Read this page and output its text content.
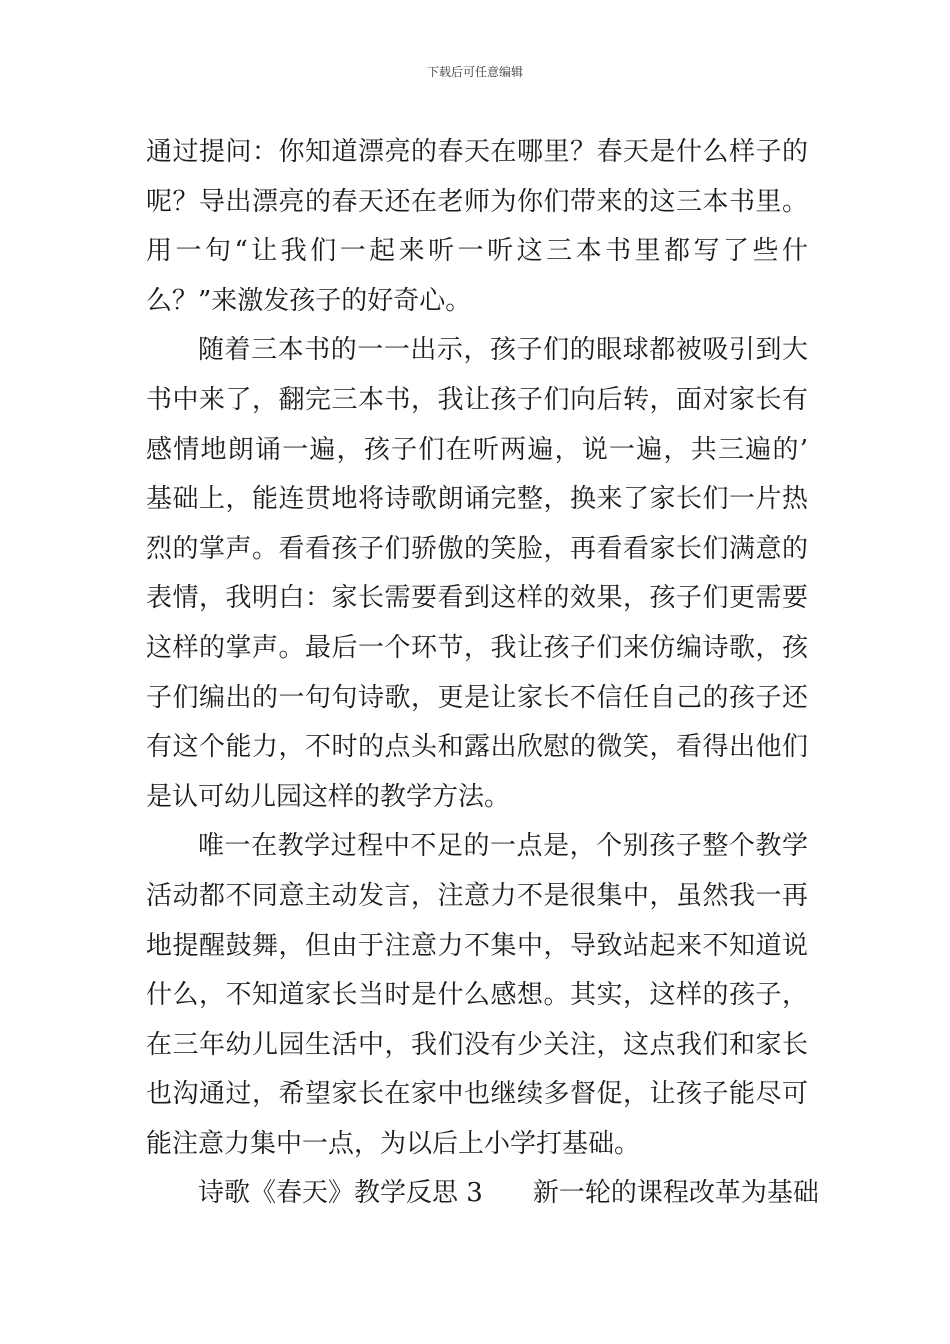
下载后可任意编辑
通过提问：你知道漂亮的春天在哪里？春天是什么样子的
呢？导出漂亮的春天还在老师为你们带来的这三本书里。
用一句“让我们一起来听一听这三本书里都写了些什
么？”来激发孩子的好奇心。
随着三本书的一一出示，孩子们的眼球都被吸引到大
书中来了，翻完三本书，我让孩子们向后转，面对家长有
感情地朗诵一遍，孩子们在听两遍，说一遍，共三遍的’
基础上，能连贯地将诗歌朗诵完整，换来了家长们一片热
烈的掌声。看看孩子们骄傲的笑脸，再看看家长们满意的
表情，我明白：家长需要看到这样的效果，孩子们更需要
这样的掌声。最后一个环节，我让孩子们来仿编诗歌，孩
子们编出的一句句诗歌，更是让家长不信任自己的孩子还
有这个能力，不时的点头和露出欣慰的微笑，看得出他们
是认可幼儿园这样的教学方法。
唯一在教学过程中不足的一点是，个别孩子整个教学
活动都不同意主动发言，注意力不是很集中，虽然我一再
地提醒鼓舞，但由于注意力不集中，导致站起来不知道说
什么，不知道家长当时是什么感想。其实，这样的孩子，
在三年幼儿园生活中，我们没有少关注，这点我们和家长
也沟通过，希望家长在家中也继续多督促，让孩子能尽可
能注意力集中一点，为以后上小学打基础。
诗歌《春天》教学反思 3 新一轮的课程改革为基础
